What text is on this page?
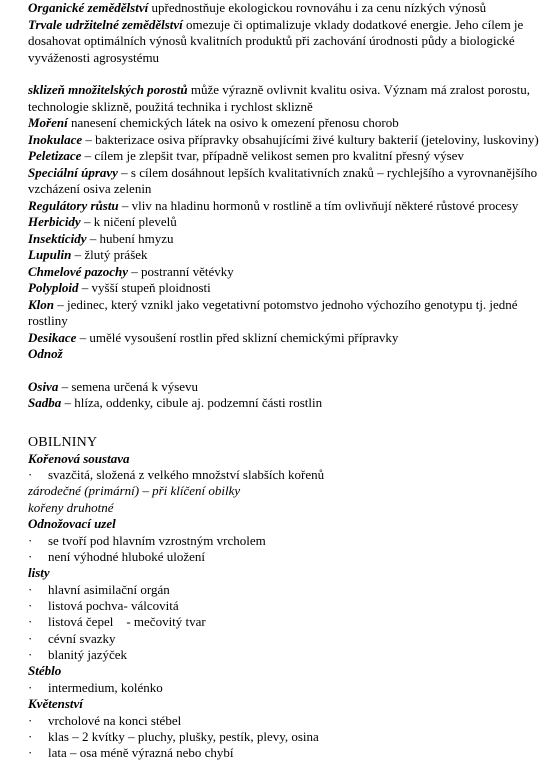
Organické zemědělství upřednostňuje ekologickou rovnováhu i za cenu nízkých výnosů

Trvale udržitelné zemědělství omezuje či optimalizuje vklady dodatkové energie. Jeho cílem je dosahovat optimálních výnosů kvalitních produktů při zachování úrodnosti půdy a biologické vyváženosti agrosystému

sklizeň množitelských porostů může výrazně ovlivnit kvalitu osiva. Význam má zralost porostu, technologie sklizně, použitá technika i rychlost sklizně

Moření nanesení chemických látek na osivo k omezení přenosu chorob

Inokulace – bakterizace osiva přípravky obsahujícími živé kultury bakterií (jeteloviny, luskoviny)

Peletizace – cílem je zlepšit tvar, případně velikost semen pro kvalitní přesný výsev

Speciální úpravy – s cílem dosáhnout lepších kvalitativních znaků – rychlejšího a vyrovnanějšího vzcházení osiva zelenin

Regulátory růstu – vliv na hladinu hormonů v rostlině a tím ovlivňují některé růstové procesy

Herbicidy – k ničení plevelů

Insekticidy – hubení hmyzu

Lupulin – žlutý prášek

Chmelové pazochy – postranní větévky

Polyploid – vyšší stupeň ploidnosti

Klon – jedinec, který vznikl jako vegetativní potomstvo jednoho výchozího genotypu tj. jedné rostliny

Desikace – umělé vysoušení rostlin před sklizní chemickými přípravky

Odnož

Osiva – semena určená k výsevu

Sadba – hlíza, oddenky, cibule aj. podzemní části rostlin

OBILNINY
Kořenová soustava
· svazčitá, složená z velkého množství slabších kořenů
zárodečné (primární) – při klíčení obilky
kořeny druhotné
Odnožovací uzel
· se tvoří pod hlavním vzrostným vrcholem
· není výhodné hluboké uložení
listy
· hlavní asimilační orgán
· listová pochva- válcovitá
· listová čepel    - mečovitý tvar
· cévní svazky
· blanitý jazýček
Stéblo
· intermedium, kolénko
Květenství
· vrcholové na konci stébel
· klas – 2 kvítky – pluchy, plušky, pestík, plevy, osina
· lata – osa méně výrazná nebo chybí
